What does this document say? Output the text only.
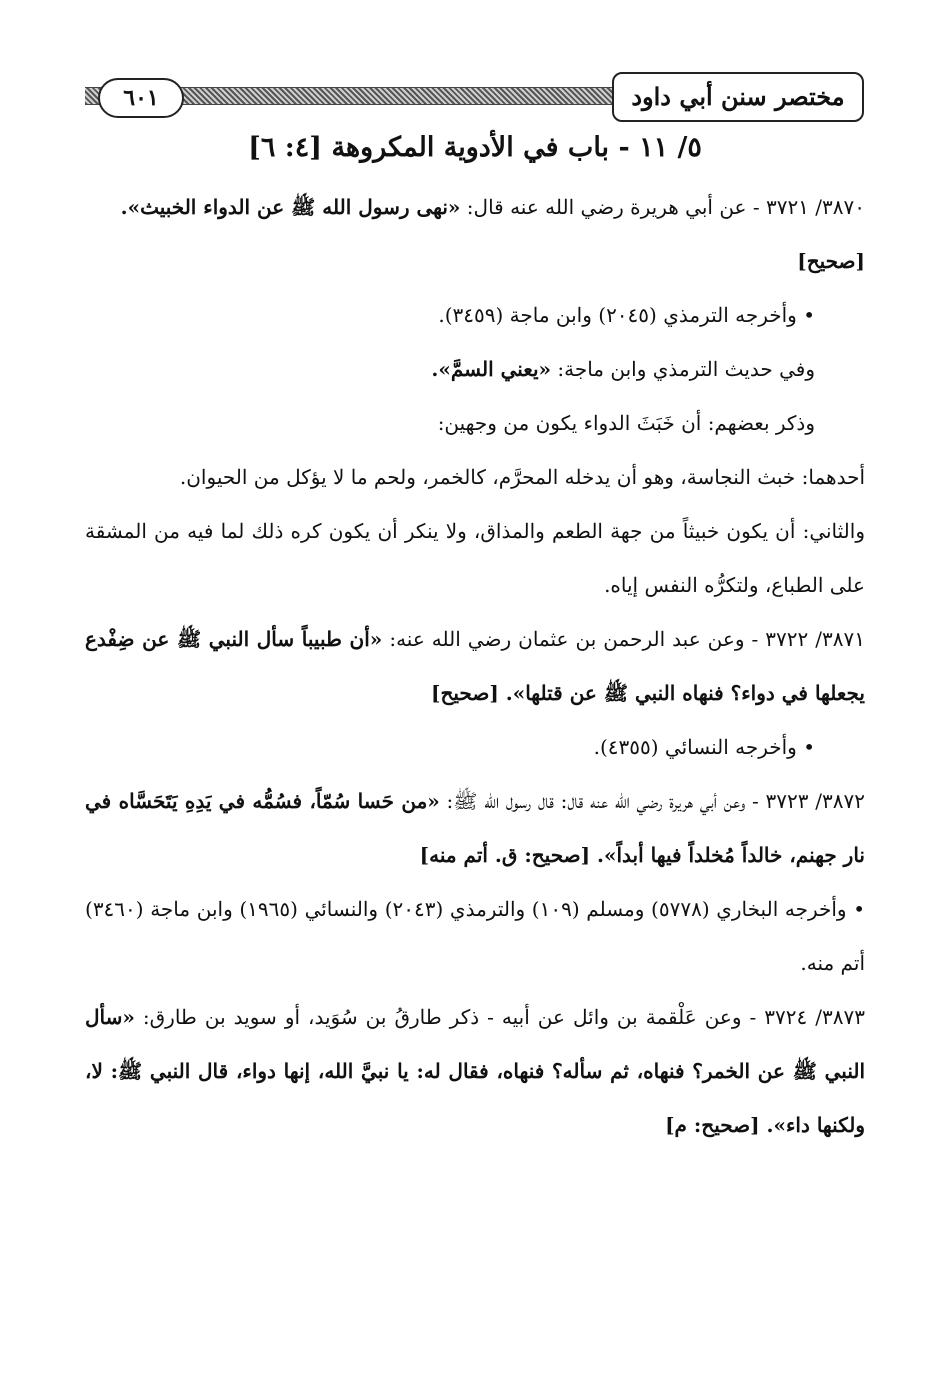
٦٠١	مختصر سنن أبي داود
٥/ ١١ - باب في الأدوية المكروهة [٤: ٦]

٣٨٧٠/ ٣٧٢١ - عن أبي هريرة رضي الله عنه قال: «نهى رسول الله ﷺ عن الدواء الخبيث».

[صحيح]

• وأخرجه الترمذي (٢٠٤٥) وابن ماجة (٣٤٥٩).

وفي حديث الترمذي وابن ماجة: «يعني السمَّ».

وذكر بعضهم: أن خَبَثَ الدواء يكون من وجهين:

أحدهما: خبث النجاسة، وهو أن يدخله المحرَّم، كالخمر، ولحم ما لا يؤكل من الحيوان.

والثاني: أن يكون خبيثاً من جهة الطعم والمذاق، ولا ينكر أن يكون كره ذلك لما فيه من المشقة على الطباع، ولتكرُّه النفس إياه.

٣٨٧١/ ٣٧٢٢ - وعن عبد الرحمن بن عثمان رضي الله عنه: «أن طبيباً سأل النبي ﷺ عن ضِفْدع يجعلها في دواء؟ فنهاه النبي ﷺ عن قتلها». [صحيح]

• وأخرجه النسائي (٤٣٥٥).

٣٨٧٢/ ٣٧٢٣ - وعن أبي هريرة رضي الله عنه قال: قال رسول الله ﷺ: «من حَسا سُمّاً، فسُمُّه في يَدِهِ يَتَحَسَّاه في نار جهنم، خالداً مُخلداً فيها أبداً». [صحيح: ق. أتم منه]

• وأخرجه البخاري (٥٧٧٨) ومسلم (١٠٩) والترمذي (٢٠٤٣) والنسائي (١٩٦٥) وابن ماجة (٣٤٦٠) أتم منه.

٣٨٧٣/ ٣٧٢٤ - وعن عَلْقمة بن وائل عن أبيه - ذكر طارقُ بن سُوَيد، أو سويد بن طارق: «سأل النبي ﷺ عن الخمر؟ فنهاه، ثم سأله؟ فنهاه، فقال له: يا نبيَّ الله، إنها دواء، قال النبي ﷺ: لا، ولكنها داء». [صحيح: م]
